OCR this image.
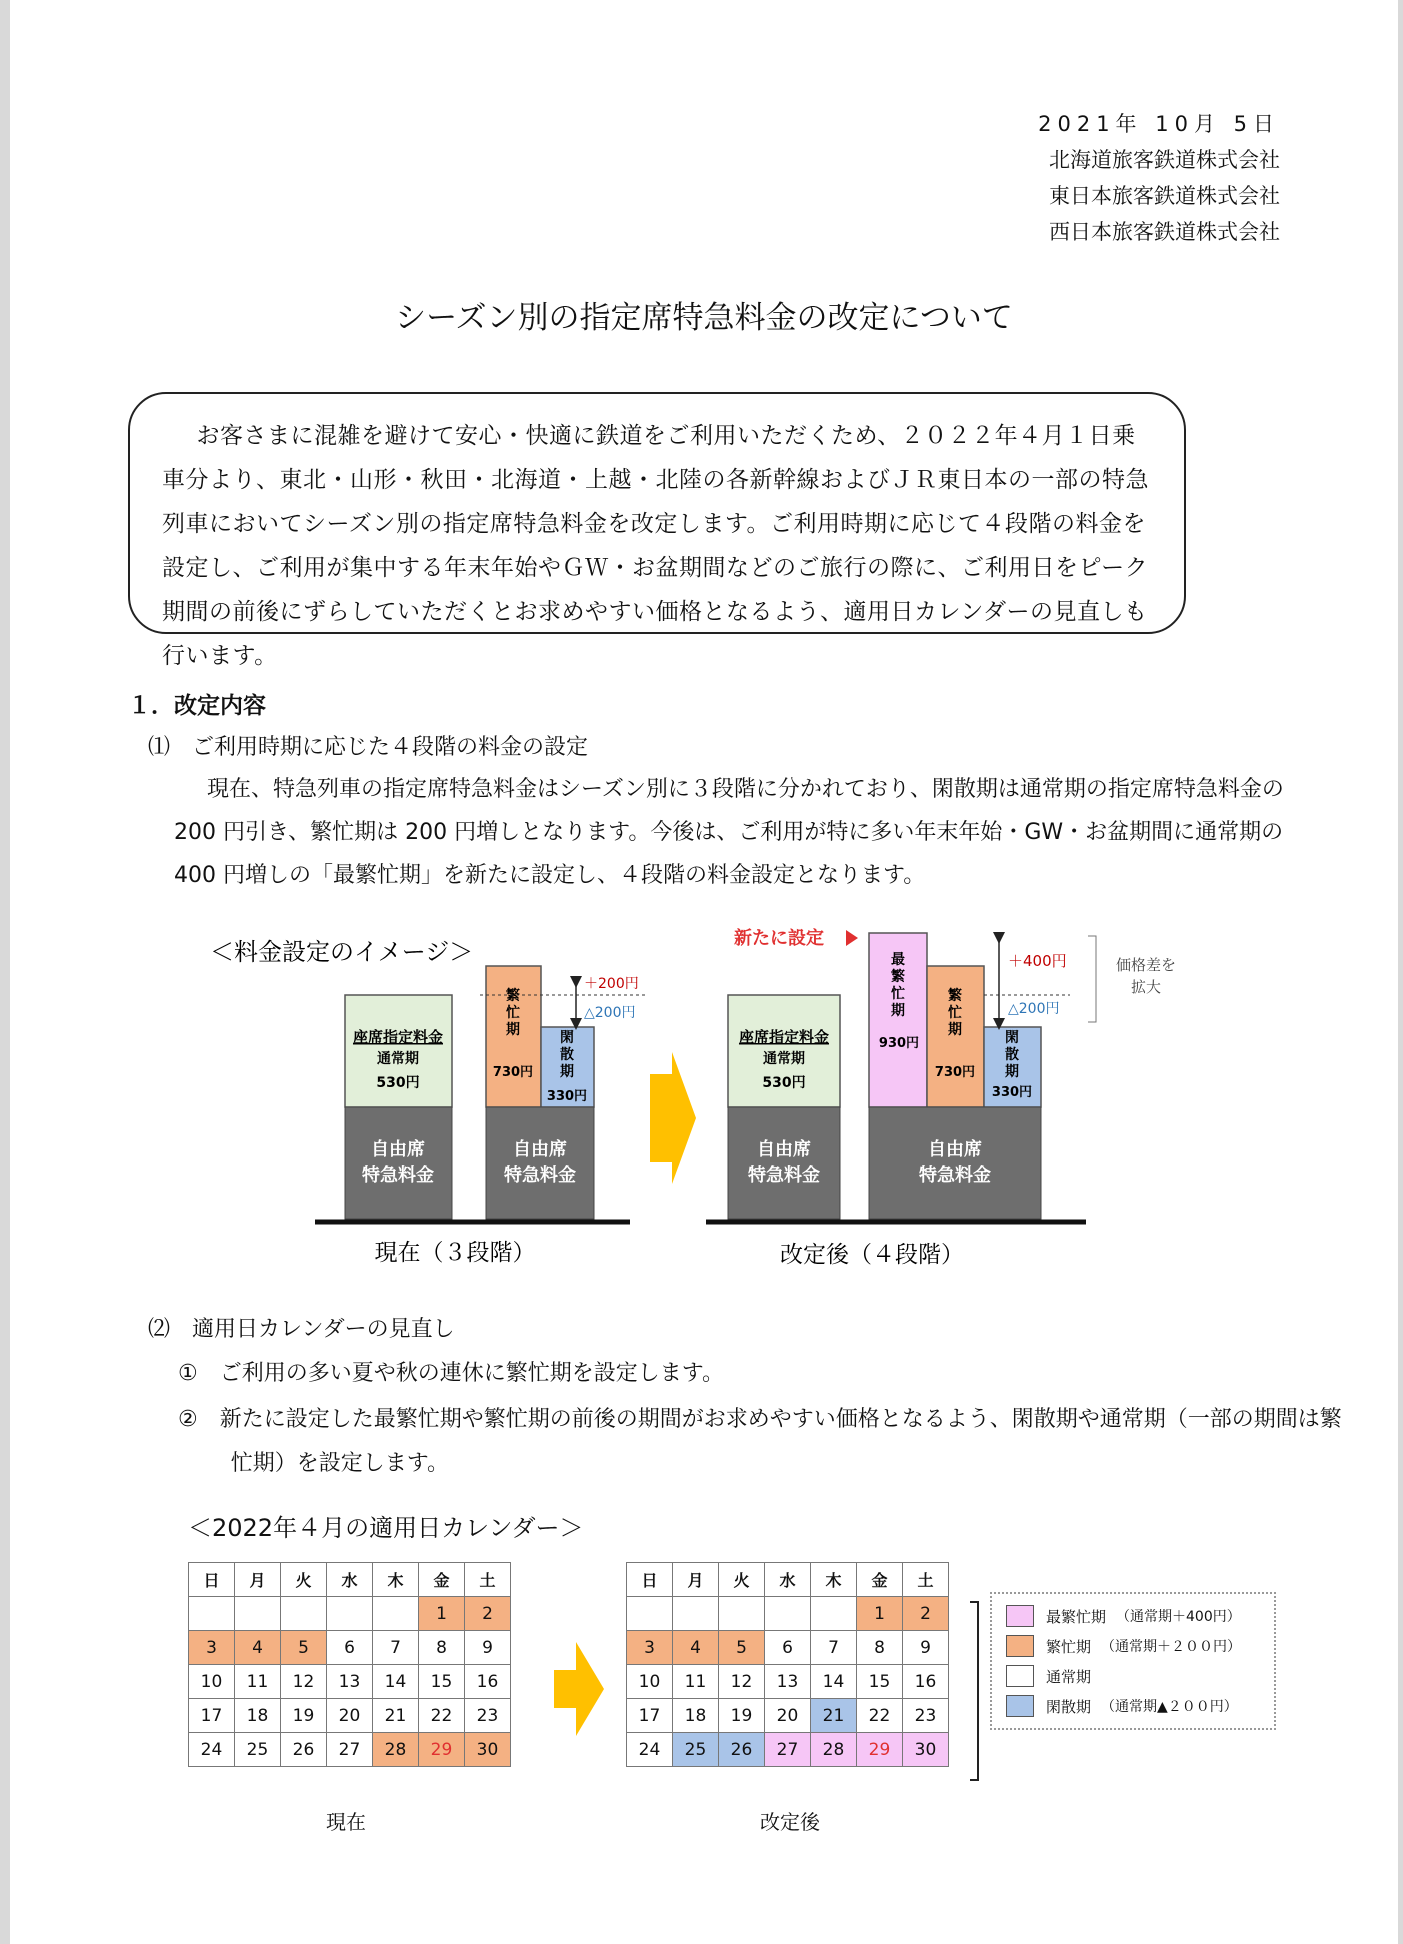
2021年 10月 5日
北海道旅客鉄道株式会社
東日本旅客鉄道株式会社
西日本旅客鉄道株式会社
シーズン別の指定席特急料金の改定について
お客さまに混雑を避けて安心・快適に鉄道をご利用いただくため、２０２２年４月１日乗車分より、東北・山形・秋田・北海道・上越・北陸の各新幹線およびＪＲ東日本の一部の特急列車においてシーズン別の指定席特急料金を改定します。ご利用時期に応じて４段階の料金を設定し、ご利用が集中する年末年始やＧＷ・お盆期間などのご旅行の際に、ご利用日をピーク期間の前後にずらしていただくとお求めやすい価格となるよう、適用日カレンダーの見直しも行います。
１．改定内容
⑴　ご利用時期に応じた４段階の料金の設定
現在、特急列車の指定席特急料金はシーズン別に３段階に分かれており、閑散期は通常期の指定席特急料金の 200 円引き、繁忙期は 200 円増しとなります。今後は、ご利用が特に多い年末年始・GW・お盆期間に通常期の 400 円増しの「最繁忙期」を新たに設定し、４段階の料金設定となります。
＜料金設定のイメージ＞
座席指定料金
通常期
530円
自由席特急料金
繁忙期
730円
閑散期
330円
自由席特急料金
＋200円
△200円
現在（３段階）
新たに設定
座席指定料金
通常期
530円
自由席特急料金
最繁忙期
930円
繁忙期
730円
閑散期
330円
自由席特急料金
＋400円
△200円
価格差を拡大
改定後（４段階）
⑵　適用日カレンダーの見直し
①　ご利用の多い夏や秋の連休に繁忙期を設定します。
②　新たに設定した最繁忙期や繁忙期の前後の期間がお求めやすい価格となるよう、閑散期や通常期（一部の期間は繁忙期）を設定します。
＜2022年４月の適用日カレンダー＞
日	月	火	水	木	金	土
					1	2
3	4	5	6	7	8	9
10	11	12	13	14	15	16
17	18	19	20	21	22	23
24	25	26	27	28	29	30
日	月	火	水	木	金	土
					1	2
3	4	5	6	7	8	9
10	11	12	13	14	15	16
17	18	19	20	21	22	23
24	25	26	27	28	29	30
最繁忙期 （通常期＋400円）
繁忙期 （通常期＋２００円）
通常期
閑散期 （通常期▲２００円）
現在	改定後
